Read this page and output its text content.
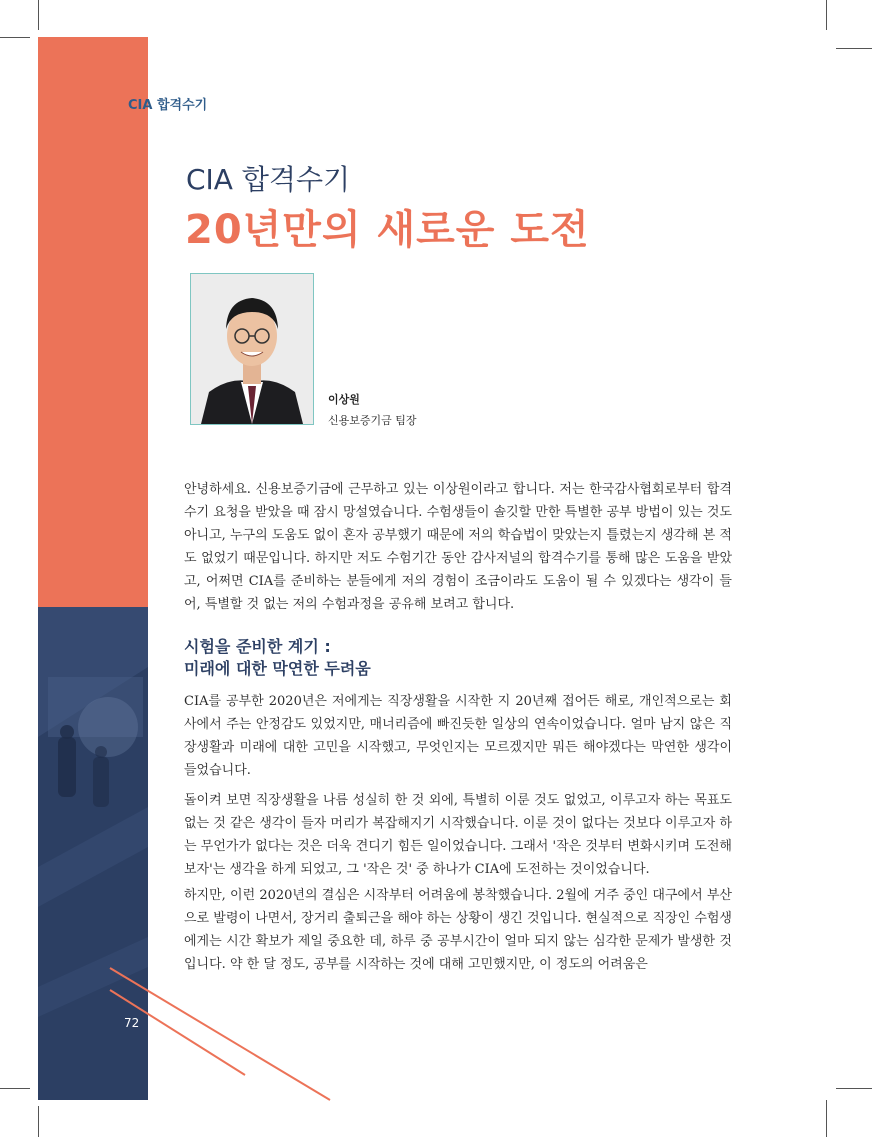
CIA 합격수기
72
CIA 합격수기
20년만의 새로운 도전
이상원
신용보증기금 팀장

안녕하세요. 신용보증기금에 근무하고 있는 이상원이라고 합니다. 저는 한국감사협회로부터 합격수기 요청을 받았을 때 잠시 망설였습니다. 수험생들이 솔깃할 만한 특별한 공부 방법이 있는 것도 아니고, 누구의 도움도 없이 혼자 공부했기 때문에 저의 학습법이 맞았는지 틀렸는지 생각해 본 적도 없었기 때문입니다. 하지만 저도 수험기간 동안 감사저널의 합격수기를 통해 많은 도움을 받았고, 어쩌면 CIA를 준비하는 분들에게 저의 경험이 조금이라도 도움이 될 수 있겠다는 생각이 들어, 특별할 것 없는 저의 수험과정을 공유해 보려고 합니다.

시험을 준비한 계기 :
미래에 대한 막연한 두려움

CIA를 공부한 2020년은 저에게는 직장생활을 시작한 지 20년째 접어든 해로, 개인적으로는 회사에서 주는 안정감도 있었지만, 매너리즘에 빠진듯한 일상의 연속이었습니다. 얼마 남지 않은 직장생활과 미래에 대한 고민을 시작했고, 무엇인지는 모르겠지만 뭐든 해야겠다는 막연한 생각이 들었습니다.

돌이켜 보면 직장생활을 나름 성실히 한 것 외에, 특별히 이룬 것도 없었고, 이루고자 하는 목표도 없는 것 같은 생각이 들자 머리가 복잡해지기 시작했습니다. 이룬 것이 없다는 것보다 이루고자 하는 무언가가 없다는 것은 더욱 견디기 힘든 일이었습니다. 그래서 '작은 것부터 변화시키며 도전해보자'는 생각을 하게 되었고, 그 '작은 것' 중 하나가 CIA에 도전하는 것이었습니다.

하지만, 이런 2020년의 결심은 시작부터 어려움에 봉착했습니다. 2월에 거주 중인 대구에서 부산으로 발령이 나면서, 장거리 출퇴근을 해야 하는 상황이 생긴 것입니다. 현실적으로 직장인 수험생에게는 시간 확보가 제일 중요한 데, 하루 중 공부시간이 얼마 되지 않는 심각한 문제가 발생한 것입니다. 약 한 달 정도, 공부를 시작하는 것에 대해 고민했지만, 이 정도의 어려움은
